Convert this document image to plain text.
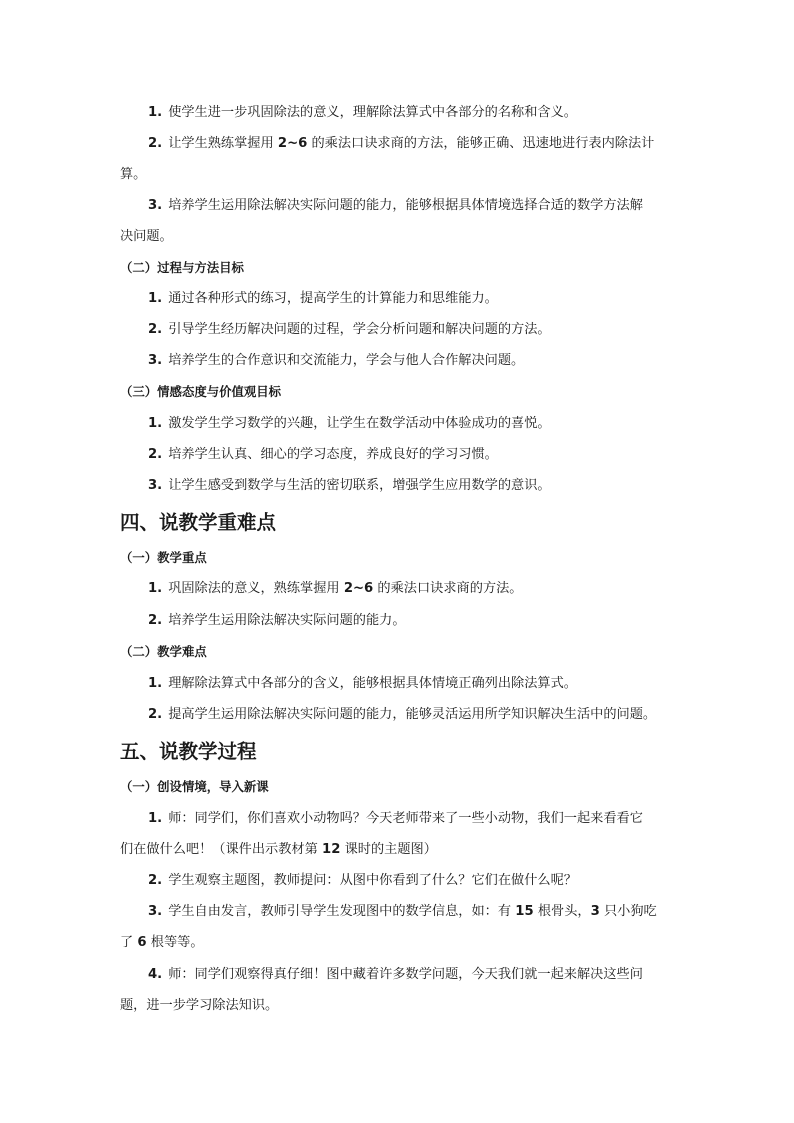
1. 使学生进一步巩固除法的意义，理解除法算式中各部分的名称和含义。
2. 让学生熟练掌握用 2~6 的乘法口诀求商的方法，能够正确、迅速地进行表内除法计
算。
3. 培养学生运用除法解决实际问题的能力，能够根据具体情境选择合适的数学方法解
决问题。
（二）过程与方法目标
1. 通过各种形式的练习，提高学生的计算能力和思维能力。
2. 引导学生经历解决问题的过程，学会分析问题和解决问题的方法。
3. 培养学生的合作意识和交流能力，学会与他人合作解决问题。
（三）情感态度与价值观目标
1. 激发学生学习数学的兴趣，让学生在数学活动中体验成功的喜悦。
2. 培养学生认真、细心的学习态度，养成良好的学习习惯。
3. 让学生感受到数学与生活的密切联系，增强学生应用数学的意识。
四、说教学重难点
（一）教学重点
1. 巩固除法的意义，熟练掌握用 2~6 的乘法口诀求商的方法。
2. 培养学生运用除法解决实际问题的能力。
（二）教学难点
1. 理解除法算式中各部分的含义，能够根据具体情境正确列出除法算式。
2. 提高学生运用除法解决实际问题的能力，能够灵活运用所学知识解决生活中的问题。
五、说教学过程
（一）创设情境，导入新课
1. 师：同学们，你们喜欢小动物吗？今天老师带来了一些小动物，我们一起来看看它
们在做什么吧！（课件出示教材第 12 课时的主题图）
2. 学生观察主题图，教师提问：从图中你看到了什么？它们在做什么呢？
3. 学生自由发言，教师引导学生发现图中的数学信息，如：有 15 根骨头，3 只小狗吃
了 6 根等等。
4. 师：同学们观察得真仔细！图中藏着许多数学问题，今天我们就一起来解决这些问
题，进一步学习除法知识。
